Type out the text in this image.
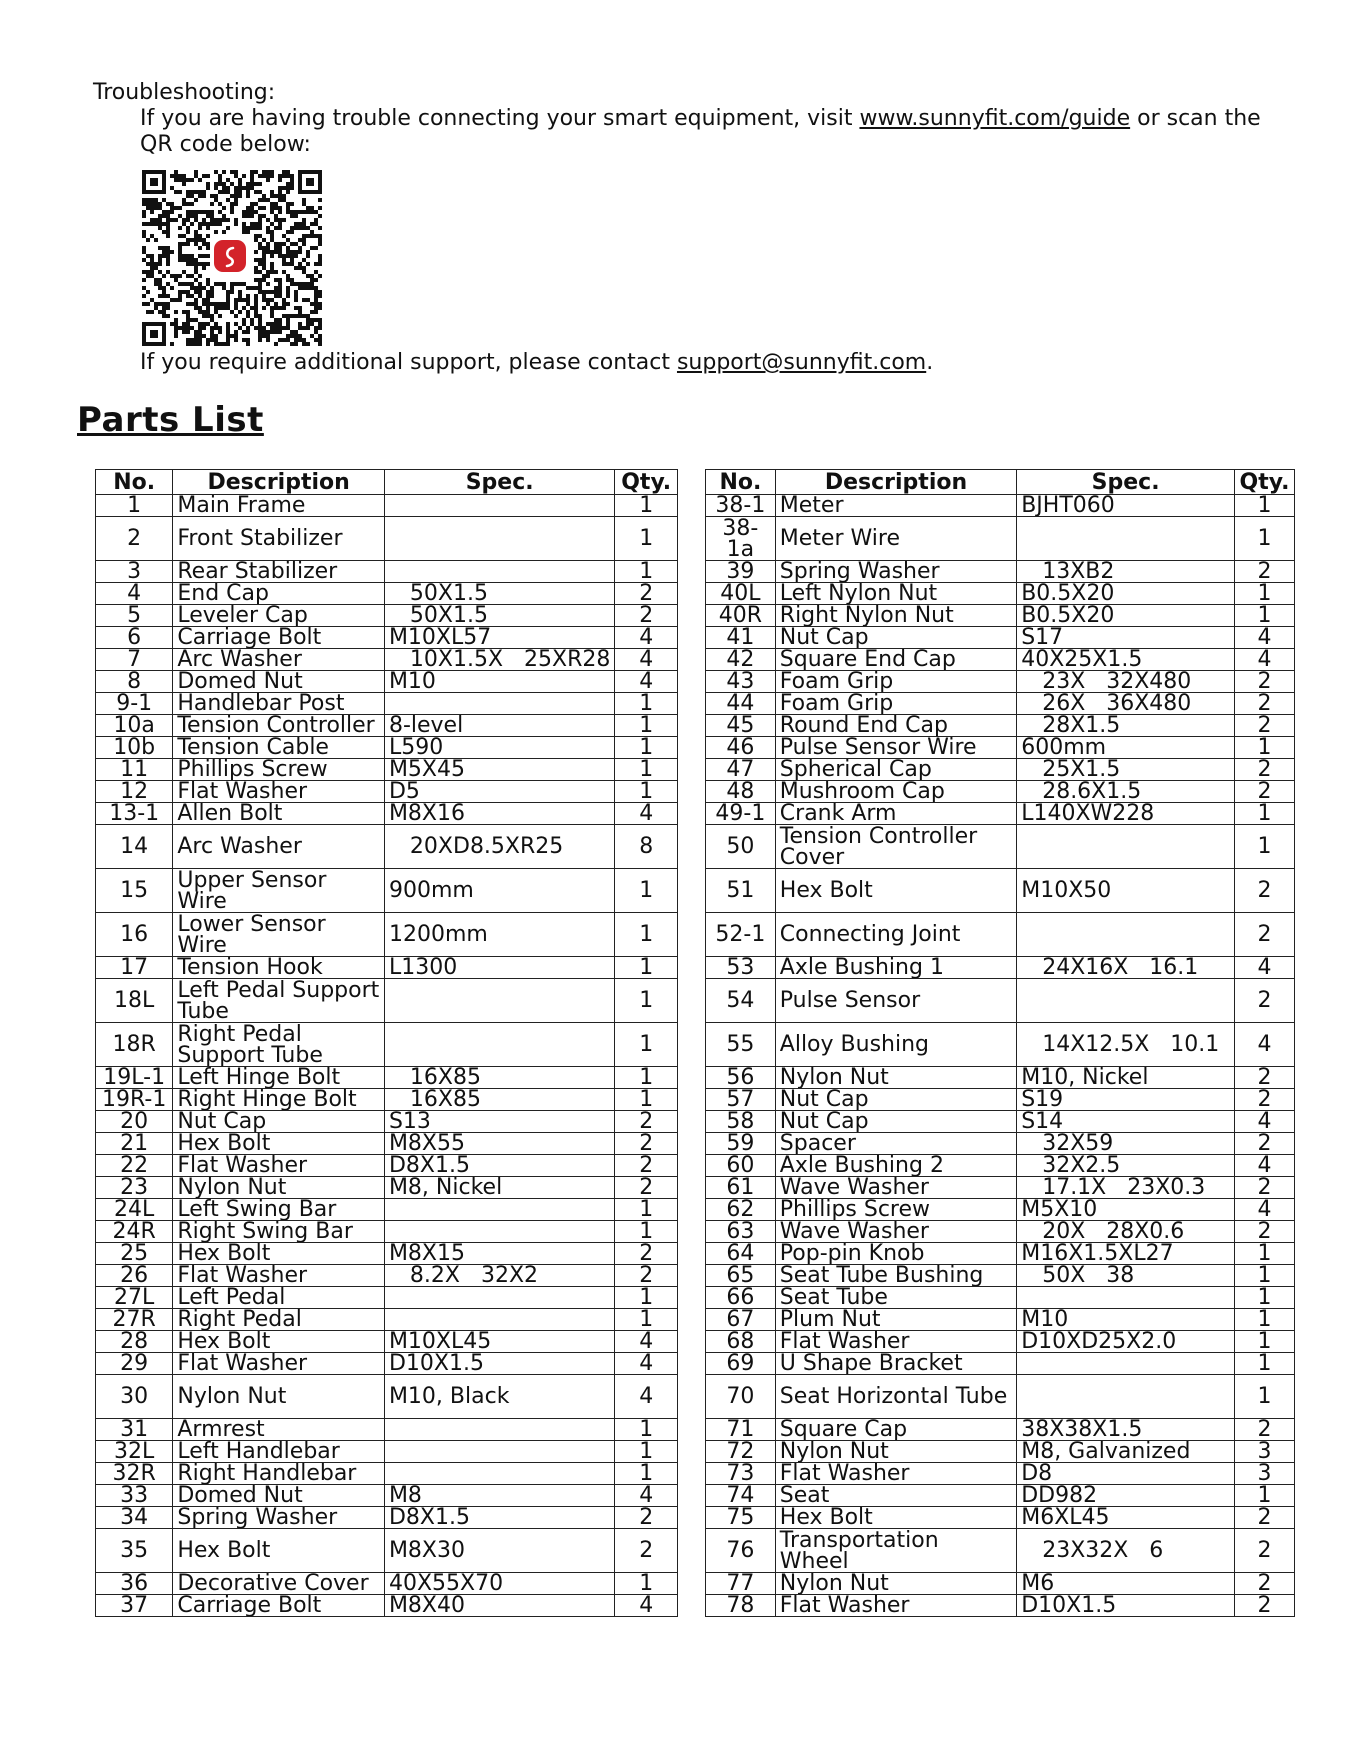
Troubleshooting:

If you are having trouble connecting your smart equipment, visit www.sunnyfit.com/guide or scan the QR code below:

If you require additional support, please contact support@sunnyfit.com.
Parts List
No.	Description	Spec.	Qty.
1	Main Frame		1
2	Front Stabilizer		1
3	Rear Stabilizer		1
4	End Cap	50X1.5	2
5	Leveler Cap	50X1.5	2
6	Carriage Bolt	M10XL57	4
7	Arc Washer	10X1.5X   25XR28	4
8	Domed Nut	M10	4
9-1	Handlebar Post		1
10a	Tension Controller	8-level	1
10b	Tension Cable	L590	1
11	Phillips Screw	M5X45	1
12	Flat Washer	D5	1
13-1	Allen Bolt	M8X16	4
14	Arc Washer	20XD8.5XR25	8
15	Upper Sensor Wire	900mm	1
16	Lower Sensor Wire	1200mm	1
17	Tension Hook	L1300	1
18L	Left Pedal Support Tube		1
18R	Right Pedal Support Tube		1
19L-1	Left Hinge Bolt	16X85	1
19R-1	Right Hinge Bolt	16X85	1
20	Nut Cap	S13	2
21	Hex Bolt	M8X55	2
22	Flat Washer	D8X1.5	2
23	Nylon Nut	M8, Nickel	2
24L	Left Swing Bar		1
24R	Right Swing Bar		1
25	Hex Bolt	M8X15	2
26	Flat Washer	8.2X   32X2	2
27L	Left Pedal		1
27R	Right Pedal		1
28	Hex Bolt	M10XL45	4
29	Flat Washer	D10X1.5	4
30	Nylon Nut	M10, Black	4
31	Armrest		1
32L	Left Handlebar		1
32R	Right Handlebar		1
33	Domed Nut	M8	4
34	Spring Washer	D8X1.5	2
35	Hex Bolt	M8X30	2
36	Decorative Cover	40X55X70	1
37	Carriage Bolt	M8X40	4
No.	Description	Spec.	Qty.
38-1	Meter	BJHT060	1
38-1a	Meter Wire		1
39	Spring Washer	13XB2	2
40L	Left Nylon Nut	B0.5X20	1
40R	Right Nylon Nut	B0.5X20	1
41	Nut Cap	S17	4
42	Square End Cap	40X25X1.5	4
43	Foam Grip	23X   32X480	2
44	Foam Grip	26X   36X480	2
45	Round End Cap	28X1.5	2
46	Pulse Sensor Wire	600mm	1
47	Spherical Cap	25X1.5	2
48	Mushroom Cap	28.6X1.5	2
49-1	Crank Arm	L140XW228	1
50	Tension Controller Cover		1
51	Hex Bolt	M10X50	2
52-1	Connecting Joint		2
53	Axle Bushing 1	24X16X   16.1	4
54	Pulse Sensor		2
55	Alloy Bushing	14X12.5X   10.1	4
56	Nylon Nut	M10, Nickel	2
57	Nut Cap	S19	2
58	Nut Cap	S14	4
59	Spacer	32X59	2
60	Axle Bushing 2	32X2.5	4
61	Wave Washer	17.1X   23X0.3	2
62	Phillips Screw	M5X10	4
63	Wave Washer	20X   28X0.6	2
64	Pop-pin Knob	M16X1.5XL27	1
65	Seat Tube Bushing	50X   38	1
66	Seat Tube		1
67	Plum Nut	M10	1
68	Flat Washer	D10XD25X2.0	1
69	U Shape Bracket		1
70	Seat Horizontal Tube		1
71	Square Cap	38X38X1.5	2
72	Nylon Nut	M8, Galvanized	3
73	Flat Washer	D8	3
74	Seat	DD982	1
75	Hex Bolt	M6XL45	2
76	Transportation Wheel	23X32X   6	2
77	Nylon Nut	M6	2
78	Flat Washer	D10X1.5	2
